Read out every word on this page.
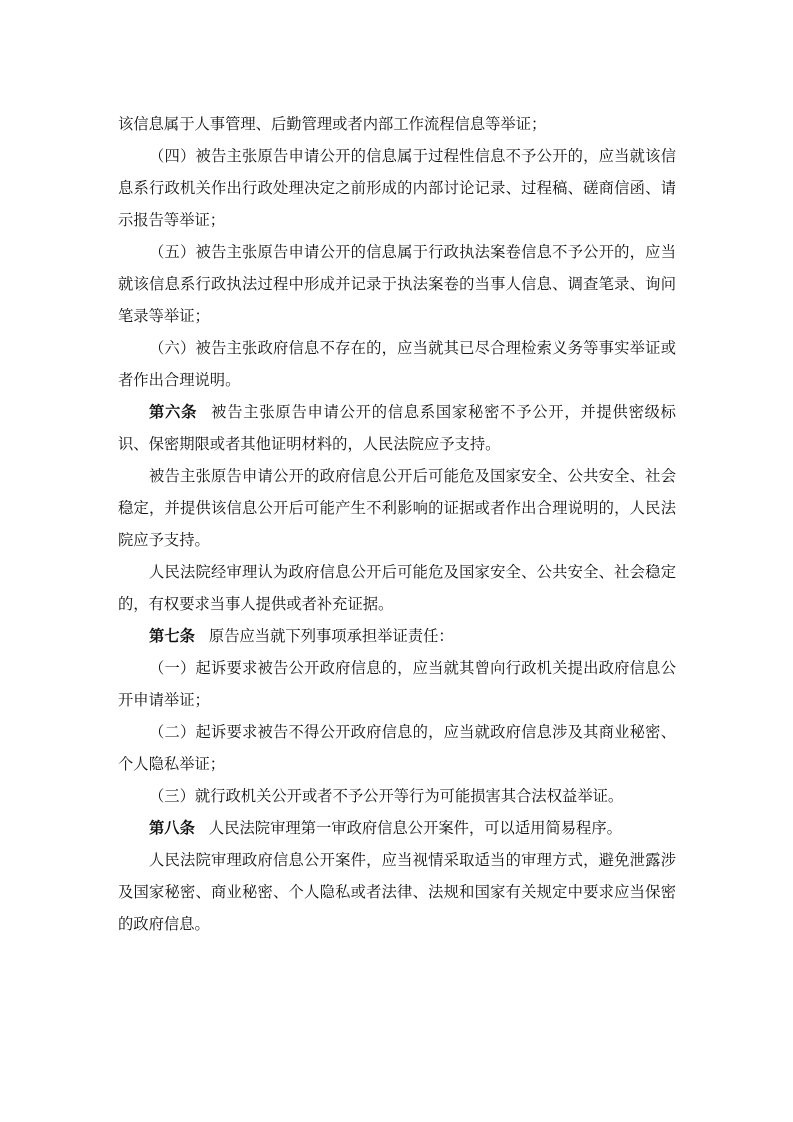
该信息属于人事管理、后勤管理或者内部工作流程信息等举证；

（四）被告主张原告申请公开的信息属于过程性信息不予公开的，应当就该信息系行政机关作出行政处理决定之前形成的内部讨论记录、过程稿、磋商信函、请示报告等举证；

（五）被告主张原告申请公开的信息属于行政执法案卷信息不予公开的，应当就该信息系行政执法过程中形成并记录于执法案卷的当事人信息、调查笔录、询问笔录等举证；

（六）被告主张政府信息不存在的，应当就其已尽合理检索义务等事实举证或者作出合理说明。

第六条 被告主张原告申请公开的信息系国家秘密不予公开，并提供密级标识、保密期限或者其他证明材料的，人民法院应予支持。

被告主张原告申请公开的政府信息公开后可能危及国家安全、公共安全、社会稳定，并提供该信息公开后可能产生不利影响的证据或者作出合理说明的，人民法院应予支持。

人民法院经审理认为政府信息公开后可能危及国家安全、公共安全、社会稳定的，有权要求当事人提供或者补充证据。

第七条 原告应当就下列事项承担举证责任：

（一）起诉要求被告公开政府信息的，应当就其曾向行政机关提出政府信息公开申请举证；

（二）起诉要求被告不得公开政府信息的，应当就政府信息涉及其商业秘密、个人隐私举证；

（三）就行政机关公开或者不予公开等行为可能损害其合法权益举证。

第八条 人民法院审理第一审政府信息公开案件，可以适用简易程序。

人民法院审理政府信息公开案件，应当视情采取适当的审理方式，避免泄露涉及国家秘密、商业秘密、个人隐私或者法律、法规和国家有关规定中要求应当保密的政府信息。
